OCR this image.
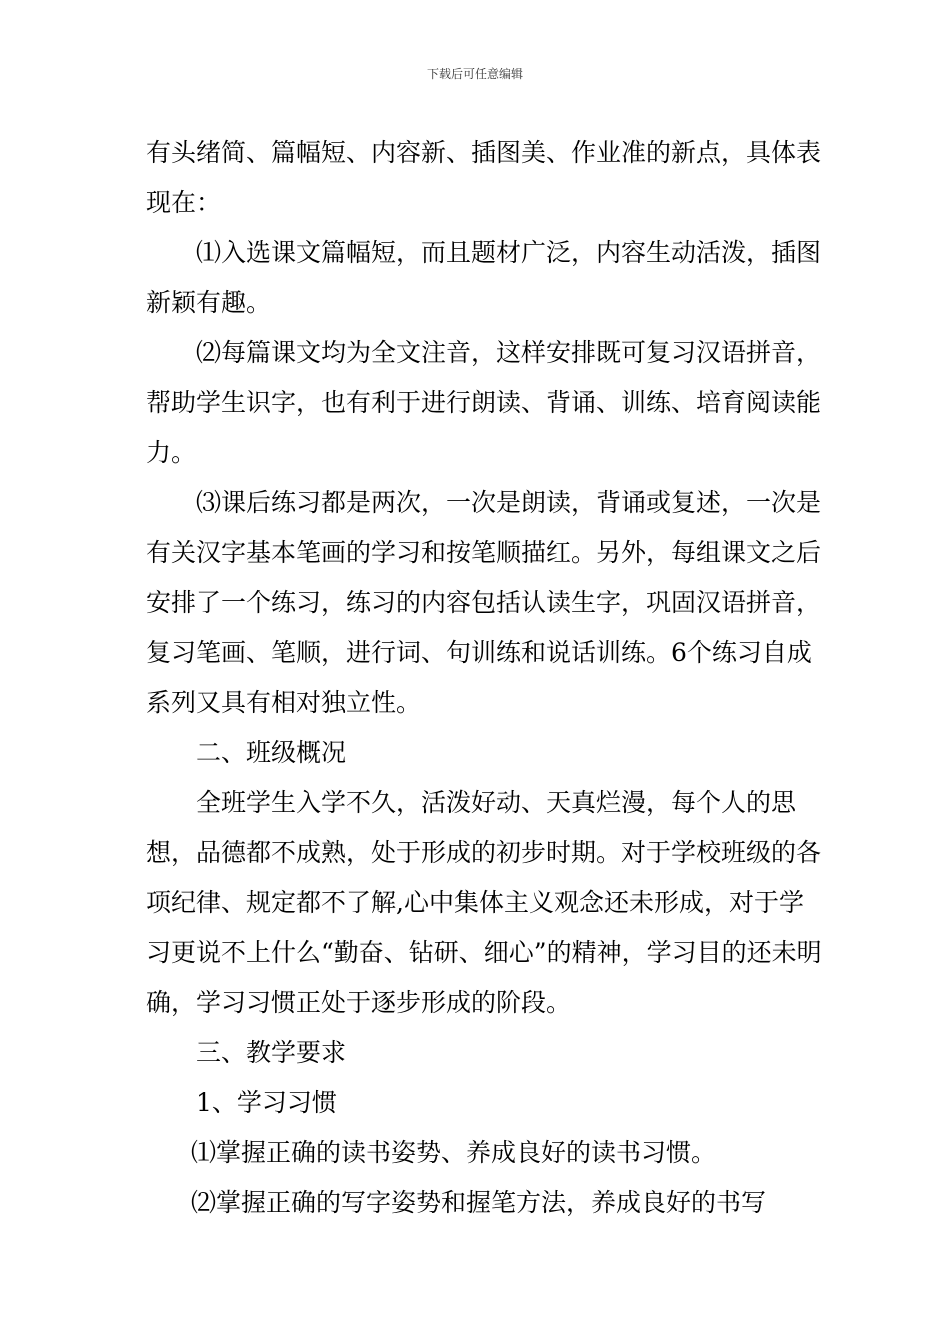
下载后可任意编辑

有头绪简、篇幅短、内容新、插图美、作业准的新点，具体表现在：

⑴入选课文篇幅短，而且题材广泛，内容生动活泼，插图新颖有趣。

⑵每篇课文均为全文注音，这样安排既可复习汉语拼音，帮助学生识字，也有利于进行朗读、背诵、训练、培育阅读能力。

⑶课后练习都是两次，一次是朗读，背诵或复述，一次是有关汉字基本笔画的学习和按笔顺描红。另外，每组课文之后安排了一个练习，练习的内容包括认读生字，巩固汉语拼音，复习笔画、笔顺，进行词、句训练和说话训练。6个练习自成系列又具有相对独立性。

二、班级概况

全班学生入学不久，活泼好动、天真烂漫，每个人的思想，品德都不成熟，处于形成的初步时期。对于学校班级的各项纪律、规定都不了解,心中集体主义观念还未形成，对于学习更说不上什么“勤奋、钻研、细心”的精神，学习目的还未明确，学习习惯正处于逐步形成的阶段。

三、教学要求

1、学习习惯

⑴掌握正确的读书姿势、养成良好的读书习惯。

⑵掌握正确的写字姿势和握笔方法，养成良好的书写
